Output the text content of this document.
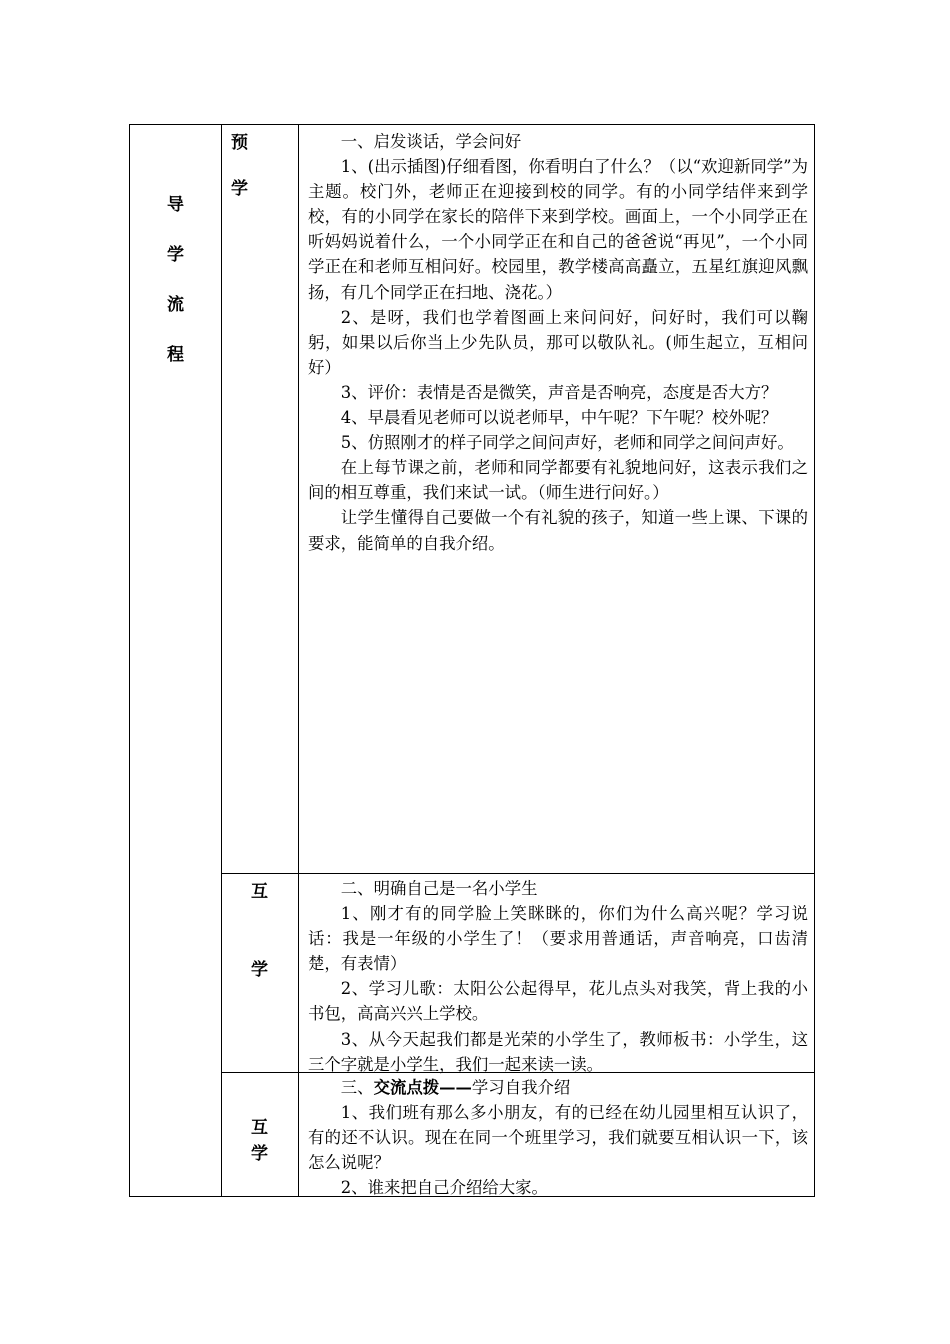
导
学
流
程
预
学

一、启发谈话，学会问好

1、(出示插图)仔细看图，你看明白了什么？（以“欢迎新同学”为主题。校门外，老师正在迎接到校的同学。有的小同学结伴来到学校，有的小同学在家长的陪伴下来到学校。画面上，一个小同学正在听妈妈说着什么，一个小同学正在和自己的爸爸说“再见”，一个小同学正在和老师互相问好。校园里，教学楼高高矗立，五星红旗迎风飘扬，有几个同学正在扫地、浇花。）

2、是呀，我们也学着图画上来问问好，问好时，我们可以鞠躬，如果以后你当上少先队员，那可以敬队礼。(师生起立，互相问好）

3、评价：表情是否是微笑，声音是否响亮，态度是否大方？

4、早晨看见老师可以说老师早，中午呢？下午呢？校外呢？

5、仿照刚才的样子同学之间问声好，老师和同学之间问声好。

在上每节课之前，老师和同学都要有礼貌地问好，这表示我们之间的相互尊重，我们来试一试。（师生进行问好。）

让学生懂得自己要做一个有礼貌的孩子，知道一些上课、下课的要求，能简单的自我介绍。

互
学

二、明确自己是一名小学生

1、刚才有的同学脸上笑眯眯的，你们为什么高兴呢？学习说话：我是一年级的小学生了！（要求用普通话，声音响亮，口齿清楚，有表情）

2、学习儿歌：太阳公公起得早，花儿点头对我笑，背上我的小书包，高高兴兴上学校。

3、从今天起我们都是光荣的小学生了，教师板书：小学生，这三个字就是小学生，我们一起来读一读。

互
学

三、交流点拨——学习自我介绍

1、我们班有那么多小朋友，有的已经在幼儿园里相互认识了，有的还不认识。现在在同一个班里学习，我们就要互相认识一下，该怎么说呢？

2、谁来把自己介绍给大家。
